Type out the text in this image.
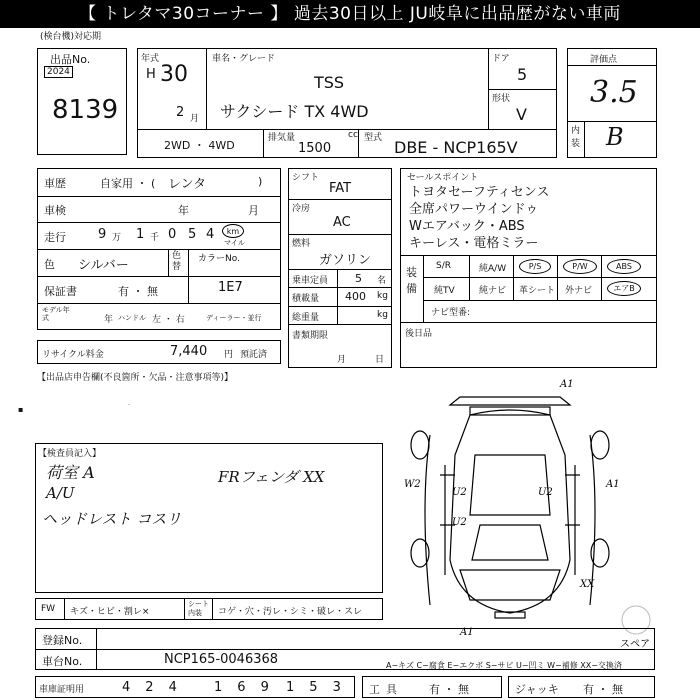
【 トレタマ30コーナー 】 過去30日以上 JU岐阜に出品歴がない車両
(検台機)対応期
出品No.
2024
8139
年式
H 30
2 月
車名・グレード
TSS
サクシード TX 4WD
ドア
5
形状
V
2WD ・ 4WD
排気量	cc
1500
型式 DBE - NCP165V
評価点
3.5
内装 B
車歴	自家用 ・ ( レンタ	)
車検	年	月
走行 9 万 1 千 0 5 4	km
マイル
色 シルバー
色替
カラーNo.
1E7
保証書	有 ・ 無
モデル年式	年 ハンドル 左 ・ 右	ディーラー・並行
リサイクル料金	7,440 円 預託済
シフト
FAT
冷房
AC
燃料
ガソリン
乗車定員 5 名
積載量 400 kg
総重量	kg
書類期限
月	日
セールスポイント
トヨタセーフティセンス
全席パワーウインドゥ
Wエアバック・ABS
キーレス・電格ミラー
装備
S/R	純A/W	P/S	P/W	ABS
純TV	純ナビ 革シート 外ナビ	エアB
ナビ型番:
後日品
【出品店申告欄(不良箇所・欠品・注意事項等)】
▪	·
【検査員記入】
荷室 A
A/U
ヘッドレスト コスリ
FRフェンダ XX
A1
A1
W2
U2	U2
U2
XX
A1
スペア
FW キズ・ヒビ・割レ×
シート内装	コゲ・穴・汚レ・シミ・破レ・スレ
登録No.
車台No.	NCP165-0046368	A−キズ C−腐食 E−エクボ S−サビ U−凹ミ W−補修 XX−交換済
車庫証明用	424 169 153 工具 有 ・ 無	ジャッキ 有 ・ 無
